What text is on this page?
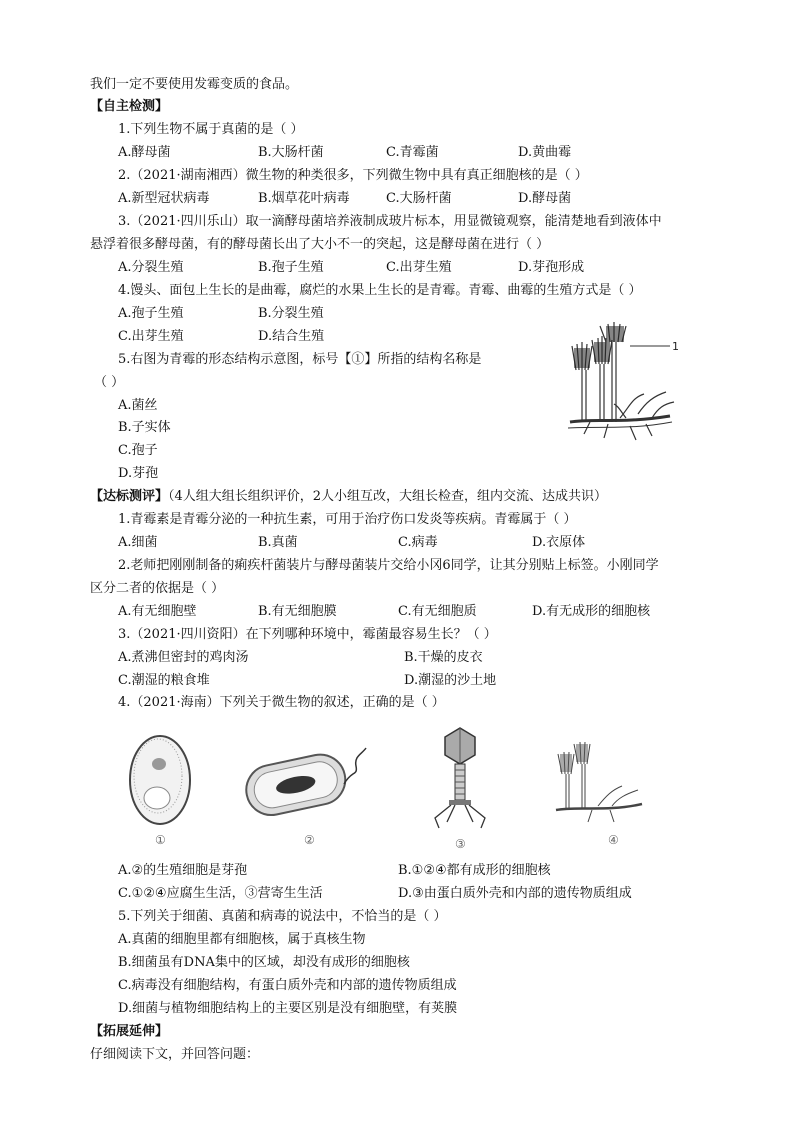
我们一定不要使用发霉变质的食品。
【自主检测】
1.下列生物不属于真菌的是（ ）
A.酵母菌	B.大肠杆菌	C.青霉菌	D.黄曲霉
2.（2021·湖南湘西）微生物的种类很多，下列微生物中具有真正细胞核的是（ ）
A.新型冠状病毒	B.烟草花叶病毒	C.大肠杆菌	D.酵母菌
3.（2021·四川乐山）取一滴酵母菌培养液制成玻片标本，用显微镜观察，能清楚地看到液体中
悬浮着很多酵母菌，有的酵母菌长出了大小不一的突起，这是酵母菌在进行（ ）
A.分裂生殖	B.孢子生殖	C.出芽生殖	D.芽孢形成
4.馒头、面包上生长的是曲霉，腐烂的水果上生长的是青霉。青霉、曲霉的生殖方式是（ ）
A.孢子生殖	B.分裂生殖
C.出芽生殖	D.结合生殖
5.右图为青霉的形态结构示意图，标号【①】所指的结构名称是
（ ）
A.菌丝
B.子实体
C.孢子
D.芽孢
1
【达标测评】（4人组大组长组织评价，2人小组互改，大组长检查，组内交流、达成共识）
1.青霉素是青霉分泌的一种抗生素，可用于治疗伤口发炎等疾病。青霉属于（ ）
A.细菌	B.真菌	C.病毒	D.衣原体
2.老师把刚刚制备的痢疾杆菌装片与酵母菌装片交给小冈6同学，让其分别贴上标签。小刚同学
区分二者的依据是（ ）
A.有无细胞壁	B.有无细胞膜	C.有无细胞质	D.有无成形的细胞核
3.（2021·四川资阳）在下列哪种环境中，霉菌最容易生长？（ ）
A.煮沸但密封的鸡肉汤	B.干燥的皮衣
C.潮湿的粮食堆	D.潮湿的沙土地
4.（2021·海南）下列关于微生物的叙述，正确的是（ ）
①	②	③	④
A.②的生殖细胞是芽孢	B.①②④都有成形的细胞核
C.①②④应腐生生活，③营寄生生活	D.③由蛋白质外壳和内部的遗传物质组成
5.下列关于细菌、真菌和病毒的说法中，不恰当的是（ ）
A.真菌的细胞里都有细胞核，属于真核生物
B.细菌虽有DNA集中的区域，却没有成形的细胞核
C.病毒没有细胞结构，有蛋白质外壳和内部的遗传物质组成
D.细菌与植物细胞结构上的主要区别是没有细胞壁，有荚膜
【拓展延伸】
仔细阅读下文，并回答问题：
